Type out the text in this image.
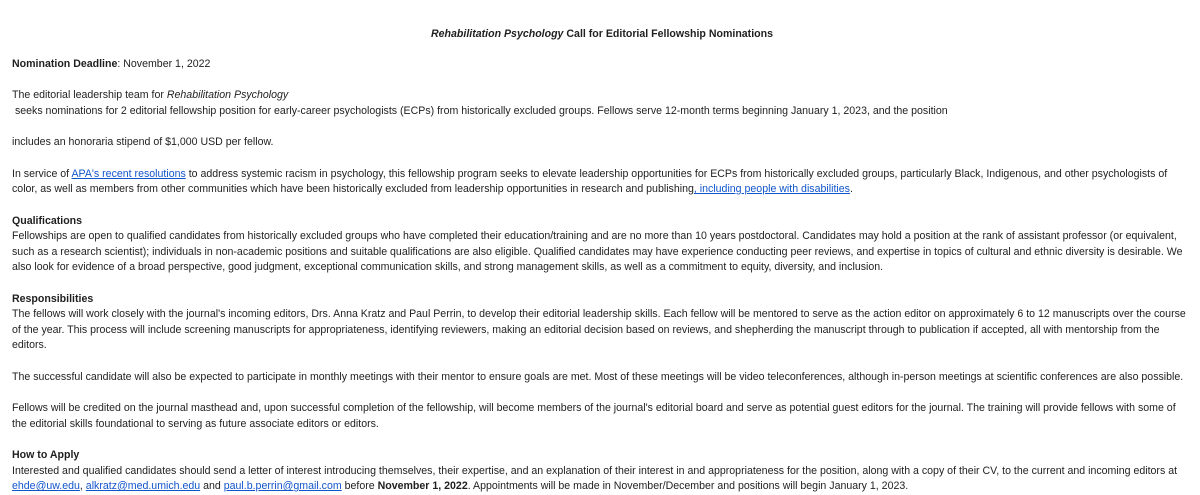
Rehabilitation Psychology Call for Editorial Fellowship Nominations

Nomination Deadline: November 1, 2022

The editorial leadership team for Rehabilitation Psychology seeks nominations for 2 editorial fellowship position for early-career psychologists (ECPs) from historically excluded groups. Fellows serve 12-month terms beginning January 1, 2023, and the position

includes an honoraria stipend of $1,000 USD per fellow.

In service of APA's recent resolutions to address systemic racism in psychology, this fellowship program seeks to elevate leadership opportunities for ECPs from historically excluded groups, particularly Black, Indigenous, and other psychologists of color, as well as members from other communities which have been historically excluded from leadership opportunities in research and publishing, including people with disabilities.

Qualifications

Fellowships are open to qualified candidates from historically excluded groups who have completed their education/training and are no more than 10 years postdoctoral. Candidates may hold a position at the rank of assistant professor (or equivalent, such as a research scientist); individuals in non-academic positions and suitable qualifications are also eligible. Qualified candidates may have experience conducting peer reviews, and expertise in topics of cultural and ethnic diversity is desirable. We also look for evidence of a broad perspective, good judgment, exceptional communication skills, and strong management skills, as well as a commitment to equity, diversity, and inclusion.

Responsibilities

The fellows will work closely with the journal's incoming editors, Drs. Anna Kratz and Paul Perrin, to develop their editorial leadership skills. Each fellow will be mentored to serve as the action editor on approximately 6 to 12 manuscripts over the course of the year. This process will include screening manuscripts for appropriateness, identifying reviewers, making an editorial decision based on reviews, and shepherding the manuscript through to publication if accepted, all with mentorship from the editors.

The successful candidate will also be expected to participate in monthly meetings with their mentor to ensure goals are met. Most of these meetings will be video teleconferences, although in-person meetings at scientific conferences are also possible.

Fellows will be credited on the journal masthead and, upon successful completion of the fellowship, will become members of the journal's editorial board and serve as potential guest editors for the journal. The training will provide fellows with some of the editorial skills foundational to serving as future associate editors or editors.

How to Apply

Interested and qualified candidates should send a letter of interest introducing themselves, their expertise, and an explanation of their interest in and appropriateness for the position, along with a copy of their CV, to the current and incoming editors at
ehde@uw.edu, alkratz@med.umich.edu and paul.b.perrin@gmail.com before November 1, 2022. Appointments will be made in November/December and positions will begin January 1, 2023.
